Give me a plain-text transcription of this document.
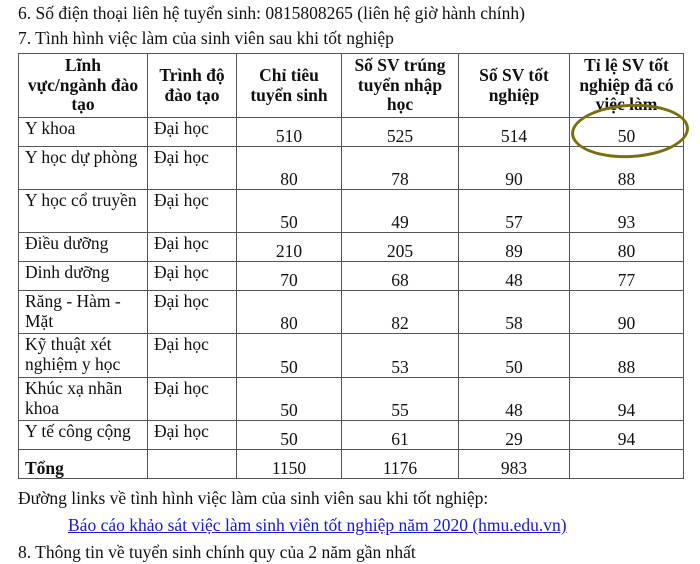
6. Số điện thoại liên hệ tuyển sinh: 0815808265 (liên hệ giờ hành chính)
7. Tình hình việc làm của sinh viên sau khi tốt nghiệp
Lĩnh vực/ngành đào tạo	Trình độ đào tạo	Chỉ tiêu tuyển sinh	Số SV trúng tuyển nhập học	Số SV tốt nghiệp	Tỉ lệ SV tốt nghiệp đã có việc làm
Y khoa	Đại học	510	525	514	50
Y học dự phòng	Đại học	80	78	90	88
Y học cổ truyền	Đại học	50	49	57	93
Điều dưỡng	Đại học	210	205	89	80
Dinh dưỡng	Đại học	70	68	48	77
Răng - Hàm - Mặt	Đại học	80	82	58	90
Kỹ thuật xét nghiệm y học	Đại học	50	53	50	88
Khúc xạ nhãn khoa	Đại học	50	55	48	94
Y tế công cộng	Đại học	50	61	29	94
Tổng		1150	1176	983	
Đường links về tình hình việc làm của sinh viên sau khi tốt nghiệp:
Báo cáo khảo sát việc làm sinh viên tốt nghiệp năm 2020 (hmu.edu.vn)
8. Thông tin về tuyển sinh chính quy của 2 năm gần nhất
